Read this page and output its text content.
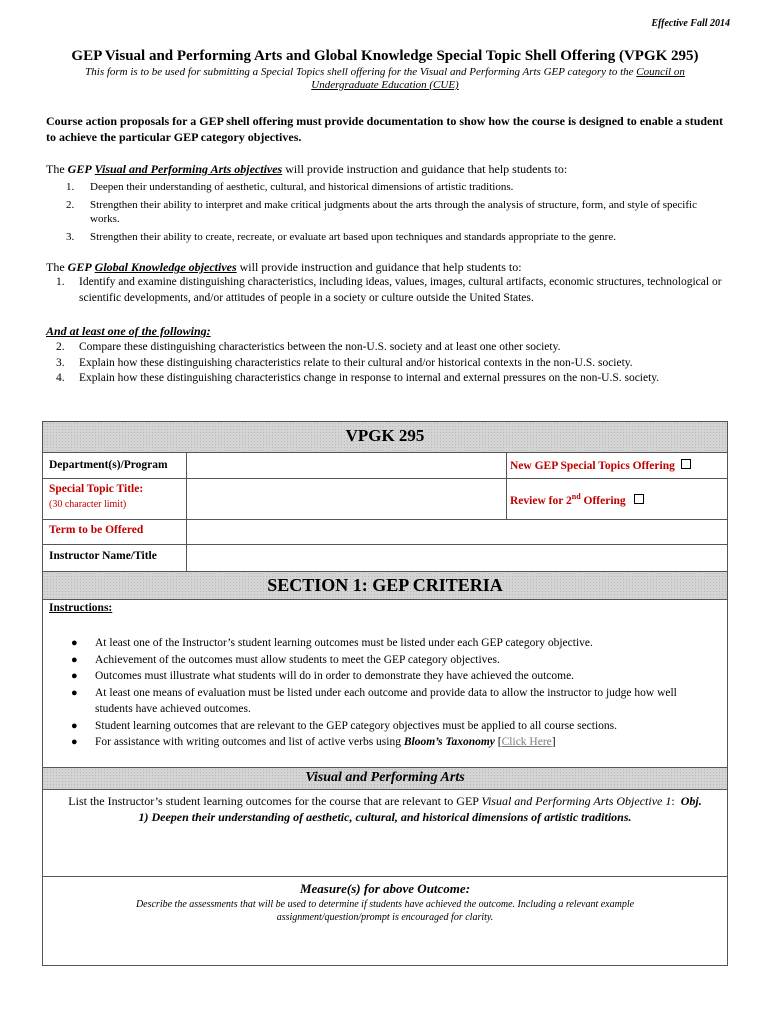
Effective Fall 2014
GEP Visual and Performing Arts and Global Knowledge Special Topic Shell Offering (VPGK 295)
This form is to be used for submitting a Special Topics shell offering for the Visual and Performing Arts GEP category to the Council on
Undergraduate Education (CUE)
Course action proposals for a GEP shell offering must provide documentation to show how the course is designed to enable a student to achieve the particular GEP category objectives.
The GEP Visual and Performing Arts objectives will provide instruction and guidance that help students to:
1. Deepen their understanding of aesthetic, cultural, and historical dimensions of artistic traditions.
2. Strengthen their ability to interpret and make critical judgments about the arts through the analysis of structure, form, and style of specific works.
3. Strengthen their ability to create, recreate, or evaluate art based upon techniques and standards appropriate to the genre.
The GEP Global Knowledge objectives will provide instruction and guidance that help students to:
1. Identify and examine distinguishing characteristics, including ideas, values, images, cultural artifacts, economic structures, technological or scientific developments, and/or attitudes of people in a society or culture outside the United States.
And at least one of the following:
2. Compare these distinguishing characteristics between the non-U.S. society and at least one other society.
3. Explain how these distinguishing characteristics relate to their cultural and/or historical contexts in the non-U.S. society.
4. Explain how these distinguishing characteristics change in response to internal and external pressures on the non-U.S. society.
VPGK 295
Department(s)/Program	New GEP Special Topics Offering
Special Topic Title:
(30 character limit)	Review for 2nd Offering
Term to be Offered
Instructor Name/Title
SECTION 1: GEP CRITERIA
Instructions:
● At least one of the Instructor’s student learning outcomes must be listed under each GEP category objective.
● Achievement of the outcomes must allow students to meet the GEP category objectives.
● Outcomes must illustrate what students will do in order to demonstrate they have achieved the outcome.
● At least one means of evaluation must be listed under each outcome and provide data to allow the instructor to judge how well students have achieved outcomes.
● Student learning outcomes that are relevant to the GEP category objectives must be applied to all course sections.
● For assistance with writing outcomes and list of active verbs using Bloom’s Taxonomy [Click Here]
Visual and Performing Arts
List the Instructor’s student learning outcomes for the course that are relevant to GEP Visual and Performing Arts Objective 1:  Obj.
1) Deepen their understanding of aesthetic, cultural, and historical dimensions of artistic traditions.
Measure(s) for above Outcome:
Describe the assessments that will be used to determine if students have achieved the outcome. Including a relevant example assignment/question/prompt is encouraged for clarity.
